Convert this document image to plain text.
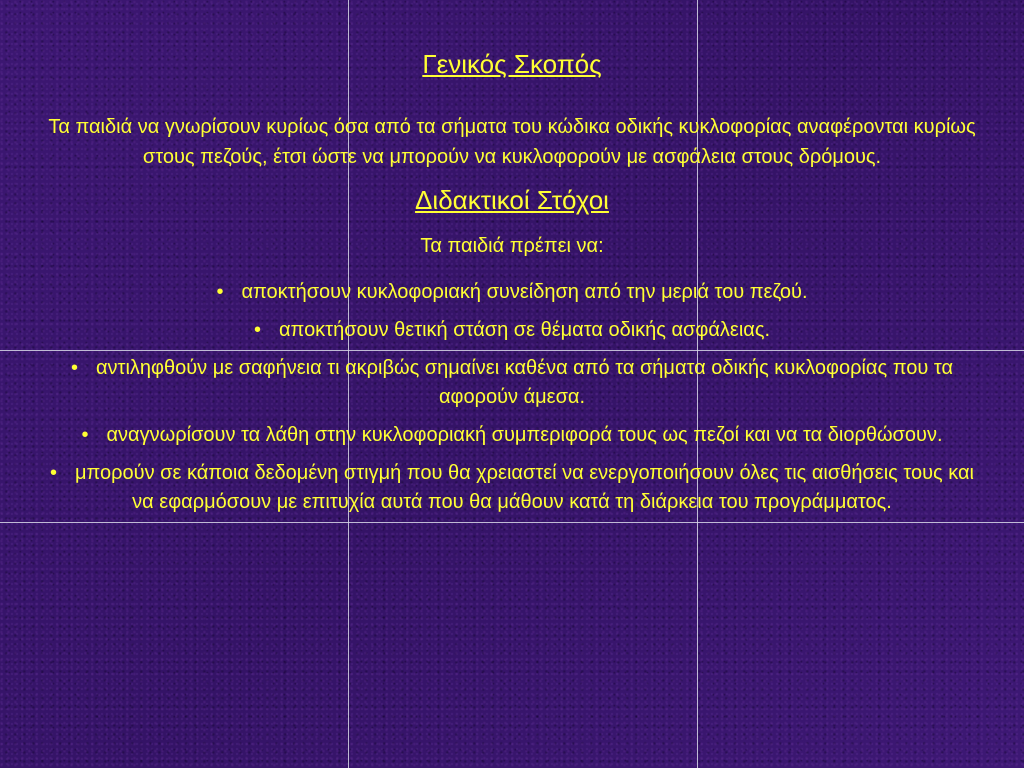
Γενικός Σκοπός

Τα παιδιά να γνωρίσουν κυρίως όσα από τα σήματα του κώδικα οδικής κυκλοφορίας αναφέρονται κυρίως στους πεζούς, έτσι ώστε να μπορούν να κυκλοφορούν με ασφάλεια στους δρόμους.

Διδακτικοί Στόχοι

Τα παιδιά πρέπει να:

• αποκτήσουν κυκλοφοριακή συνείδηση από την μεριά του πεζού.
• αποκτήσουν θετική στάση σε θέματα οδικής ασφάλειας.
• αντιληφθούν με σαφήνεια τι ακριβώς σημαίνει καθένα από τα σήματα οδικής κυκλοφορίας που τα αφορούν άμεσα.
• αναγνωρίσουν τα λάθη στην κυκλοφοριακή συμπεριφορά τους ως πεζοί και να τα διορθώσουν.
• μπορούν σε κάποια δεδομένη στιγμή που θα χρειαστεί να ενεργοποιήσουν όλες τις αισθήσεις τους και να εφαρμόσουν με επιτυχία αυτά που θα μάθουν κατά τη διάρκεια του προγράμματος.
